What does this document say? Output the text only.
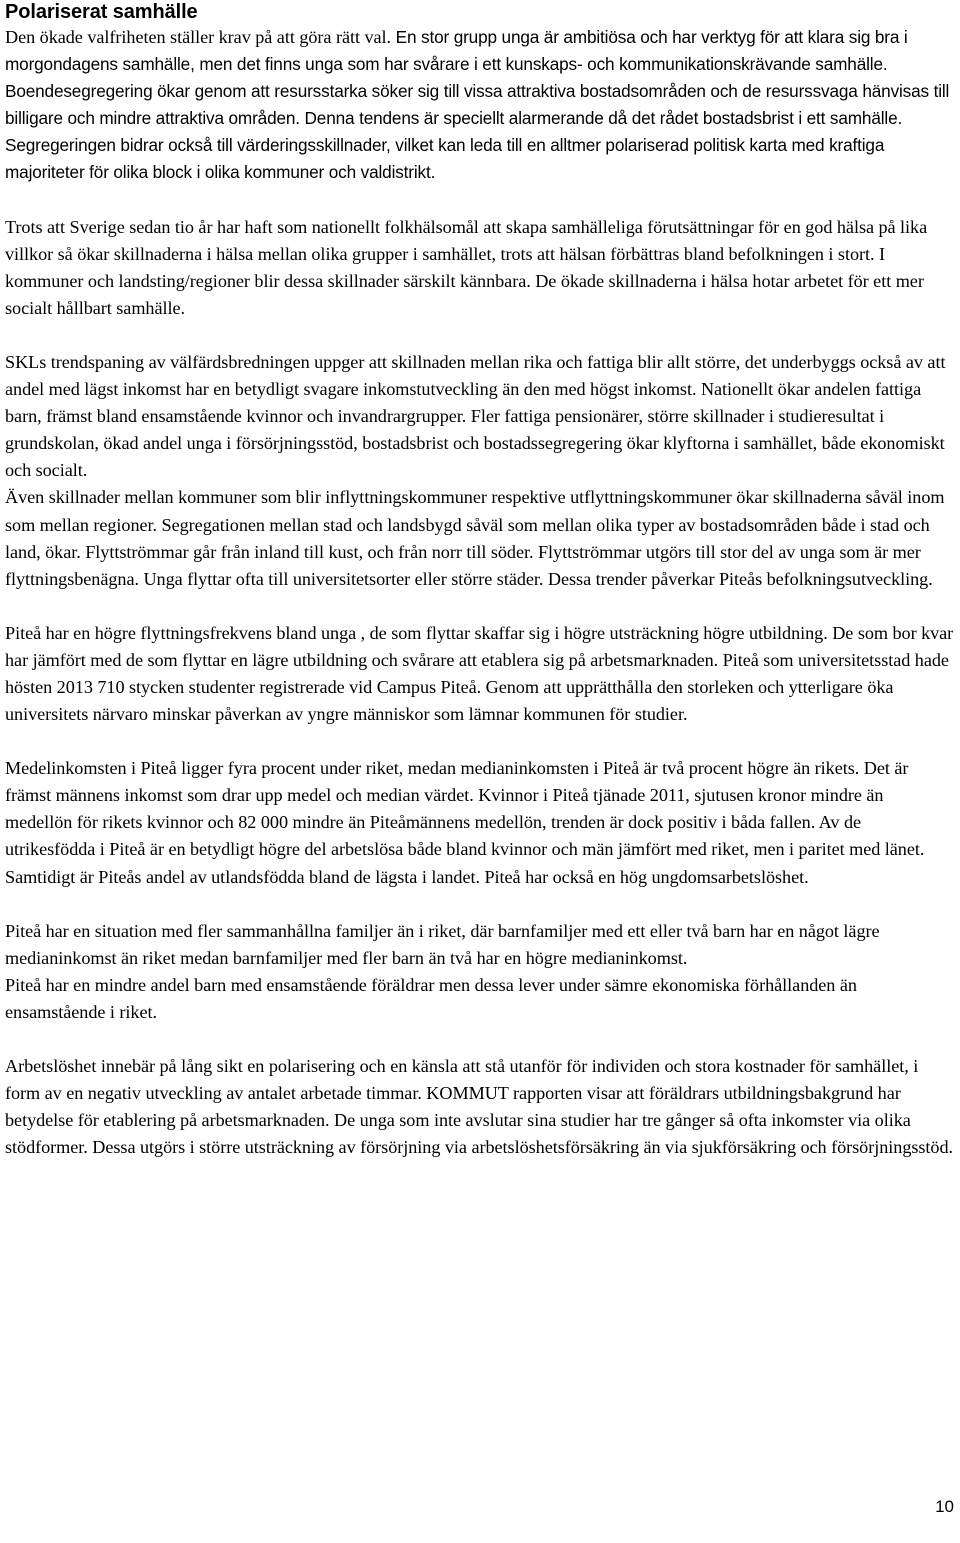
Polariserat samhälle

Den ökade valfriheten ställer krav på att göra rätt val. En stor grupp unga är ambitiösa och har verktyg för att klara sig bra i morgondagens samhälle, men det finns unga som har svårare i ett kunskaps- och kommunikationskrävande samhälle. Boendesegregering ökar genom att resursstarka söker sig till vissa attraktiva bostadsområden och de resurssvaga hänvisas till billigare och mindre attraktiva områden. Denna tendens är speciellt alarmerande då det rådet bostadsbrist i ett samhälle. Segregeringen bidrar också till värderingsskillnader, vilket kan leda till en alltmer polariserad politisk karta med kraftiga majoriteter för olika block i olika kommuner och valdistrikt.

Trots att Sverige sedan tio år har haft som nationellt folkhälsomål att skapa samhälleliga förutsättningar för en god hälsa på lika villkor så ökar skillnaderna i hälsa mellan olika grupper i samhället, trots att hälsan förbättras bland befolkningen i stort. I kommuner och landsting/regioner blir dessa skillnader särskilt kännbara. De ökade skillnaderna i hälsa hotar arbetet för ett mer socialt hållbart samhälle.

SKLs trendspaning av välfärdsbredningen uppger att skillnaden mellan rika och fattiga blir allt större, det underbyggs också av att andel med lägst inkomst har en betydligt svagare inkomstutveckling än den med högst inkomst. Nationellt ökar andelen fattiga barn, främst bland ensamstående kvinnor och invandrargrupper. Fler fattiga pensionärer, större skillnader i studieresultat i grundskolan, ökad andel unga i försörjningsstöd, bostadsbrist och bostadssegregering ökar klyftorna i samhället, både ekonomiskt och socialt.

Även skillnader mellan kommuner som blir inflyttningskommuner respektive utflyttningskommuner ökar skillnaderna såväl inom som mellan regioner. Segregationen mellan stad och landsbygd såväl som mellan olika typer av bostadsområden både i stad och land, ökar. Flyttströmmar går från inland till kust, och från norr till söder. Flyttströmmar utgörs till stor del av unga som är mer flyttningsbenägna. Unga flyttar ofta till universitetsorter eller större städer. Dessa trender påverkar Piteås befolkningsutveckling.

Piteå har en högre flyttningsfrekvens bland unga , de som flyttar skaffar sig i högre utsträckning högre utbildning. De som bor kvar har jämfört med de som flyttar en lägre utbildning och svårare att etablera sig på arbetsmarknaden. Piteå som universitetsstad hade hösten 2013 710 stycken studenter registrerade vid Campus Piteå. Genom att upprätthålla den storleken och ytterligare öka universitets närvaro minskar påverkan av yngre människor som lämnar kommunen för studier.

Medelinkomsten i Piteå ligger fyra procent under riket, medan medianinkomsten i Piteå är två procent högre än rikets. Det är främst männens inkomst som drar upp medel och median värdet. Kvinnor i Piteå tjänade 2011, sjutusen kronor mindre än medellön för rikets kvinnor och 82 000 mindre än Piteåmännens medellön, trenden är dock positiv i båda fallen. Av de utrikesfödda i Piteå är en betydligt högre del arbetslösa både bland kvinnor och män jämfört med riket, men i paritet med länet. Samtidigt är Piteås andel av utlandsfödda bland de lägsta i landet. Piteå har också en hög ungdomsarbetslöshet.

Piteå har en situation med fler sammanhållna familjer än i riket, där barnfamiljer med ett eller två barn har en något lägre medianinkomst än riket medan barnfamiljer med fler barn än två har en högre medianinkomst.

Piteå har en mindre andel barn med ensamstående föräldrar men dessa lever under sämre ekonomiska förhållanden än ensamstående i riket.

Arbetslöshet innebär på lång sikt en polarisering och en känsla att stå utanför för individen och stora kostnader för samhället, i form av en negativ utveckling av antalet arbetade timmar. KOMMUT rapporten visar att föräldrars utbildningsbakgrund har betydelse för etablering på arbetsmarknaden. De unga som inte avslutar sina studier har tre gånger så ofta inkomster via olika stödformer. Dessa utgörs i större utsträckning av försörjning via arbetslöshetsförsäkring än via sjukförsäkring och försörjningsstöd.

10
